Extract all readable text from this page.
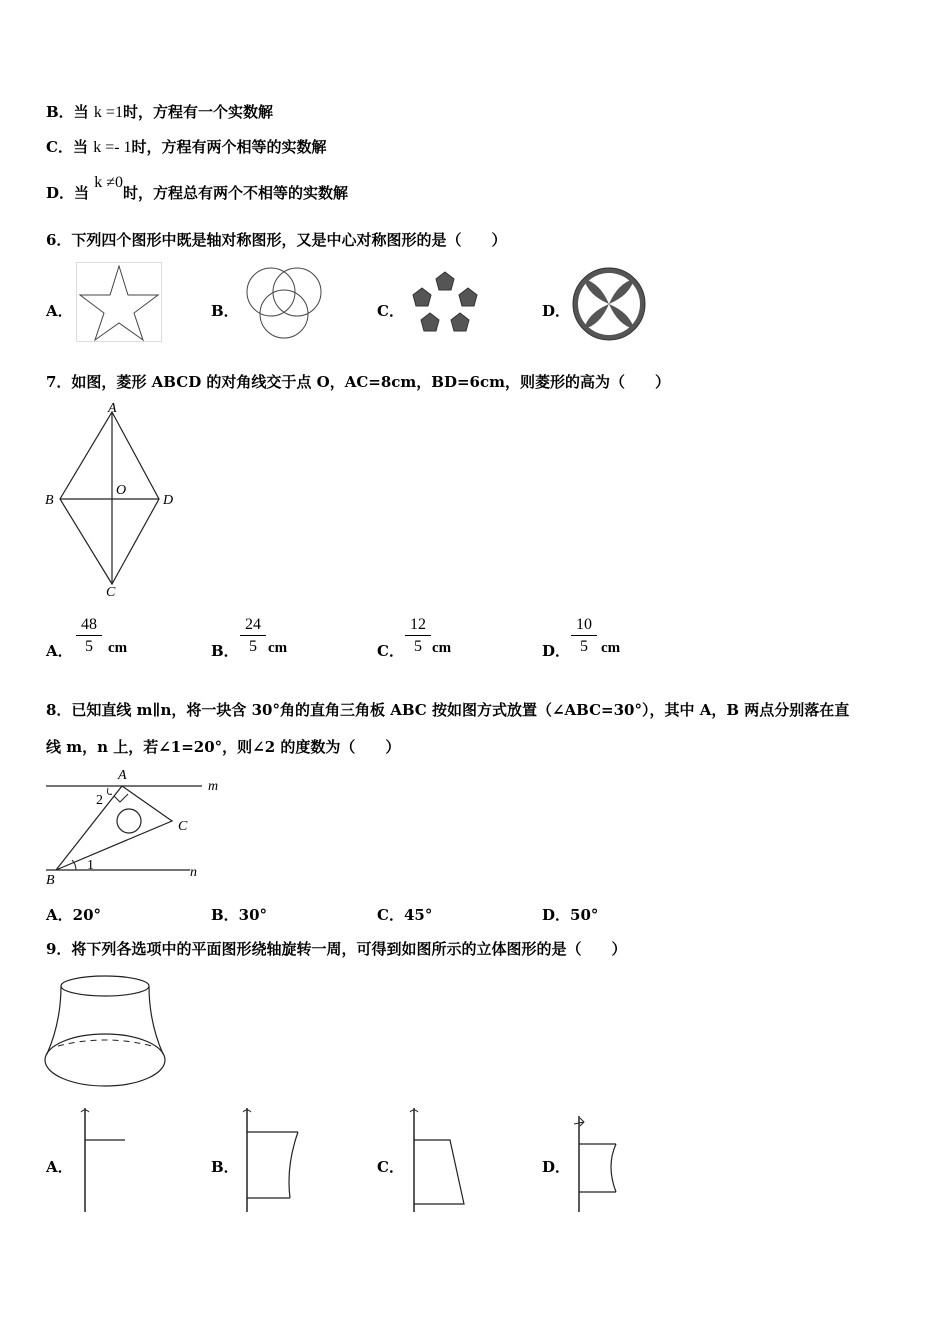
B．当 k =1时，方程有一个实数解
C．当 k =- 1时，方程有两个相等的实数解
D．当 k ≠0时，方程总有两个不相等的实数解
6．下列四个图形中既是轴对称图形，又是中心对称图形的是（　　）
A．	B．	C．	D．
7．如图，菱形 ABCD 的对角线交于点 O，AC=8cm，BD=6cm，则菱形的高为（　　）
A
B
C
D
O
A． $\frac{48}{5}$ cm	B． $\frac{24}{5}$ cm	C． $\frac{12}{5}$ cm	D． $\frac{10}{5}$ cm
8．已知直线 m∥n，将一块含 30°角的直角三角板 ABC 按如图方式放置（∠ABC=30°），其中 A，B 两点分别落在直
线 m，n 上，若∠1=20°，则∠2 的度数为（　　）
A
B
C
m
n
1
2
A．20°	B．30°	C．45°	D．50°
9．将下列各选项中的平面图形绕轴旋转一周，可得到如图所示的立体图形的是（　　）
A．	B．	C．	D．
